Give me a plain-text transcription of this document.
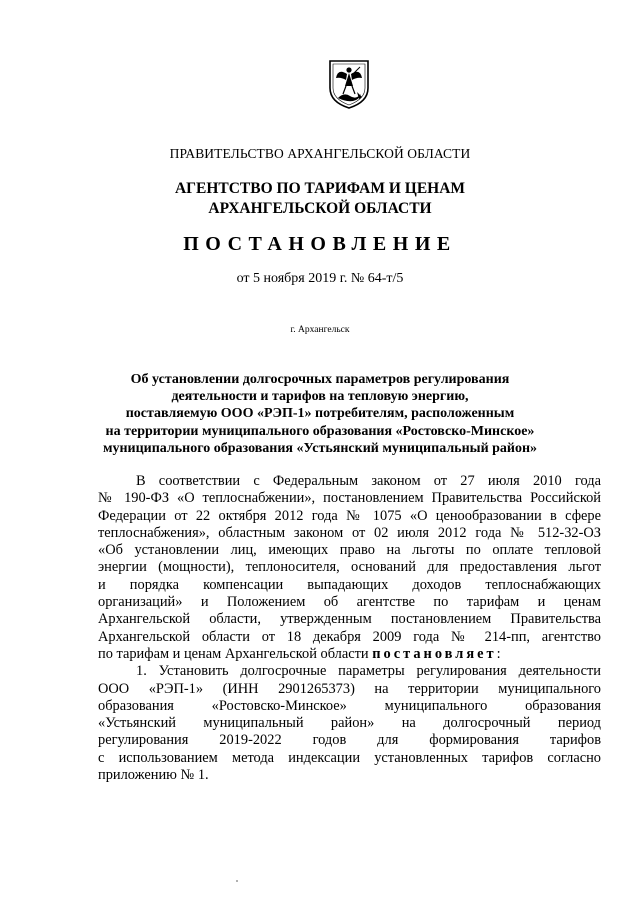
ПРАВИТЕЛЬСТВО АРХАНГЕЛЬСКОЙ ОБЛАСТИ
АГЕНТСТВО ПО ТАРИФАМ И ЦЕНАМ
АРХАНГЕЛЬСКОЙ ОБЛАСТИ
ПОСТАНОВЛЕНИЕ
от 5 ноября 2019 г. № 64-т/5
г. Архангельск
Об установлении долгосрочных параметров регулирования
деятельности и тарифов на тепловую энергию,
поставляемую ООО «РЭП-1» потребителям, расположенным
на территории муниципального образования «Ростовско-Минское»
муниципального образования «Устьянский муниципальный район»
В соответствии с Федеральным законом от 27 июля 2010 года
№ 190-ФЗ «О теплоснабжении», постановлением Правительства Российской
Федерации от 22 октября 2012 года № 1075 «О ценообразовании в сфере
теплоснабжения», областным законом от 02 июля 2012 года № 512-32-ОЗ
«Об установлении лиц, имеющих право на льготы по оплате тепловой
энергии (мощности), теплоносителя, оснований для предоставления льгот
и порядка компенсации выпадающих доходов теплоснабжающих
организаций» и Положением об агентстве по тарифам и ценам
Архангельской области, утвержденным постановлением Правительства
Архангельской области от 18 декабря 2009 года № 214-пп, агентство
по тарифам и ценам Архангельской области постановляет:
1. Установить долгосрочные параметры регулирования деятельности
ООО «РЭП-1» (ИНН 2901265373) на территории муниципального
образования «Ростовско-Минское» муниципального образования
«Устьянский муниципальный район» на долгосрочный период
регулирования 2019-2022 годов для формирования тарифов
с использованием метода индексации установленных тарифов согласно
приложению № 1.
